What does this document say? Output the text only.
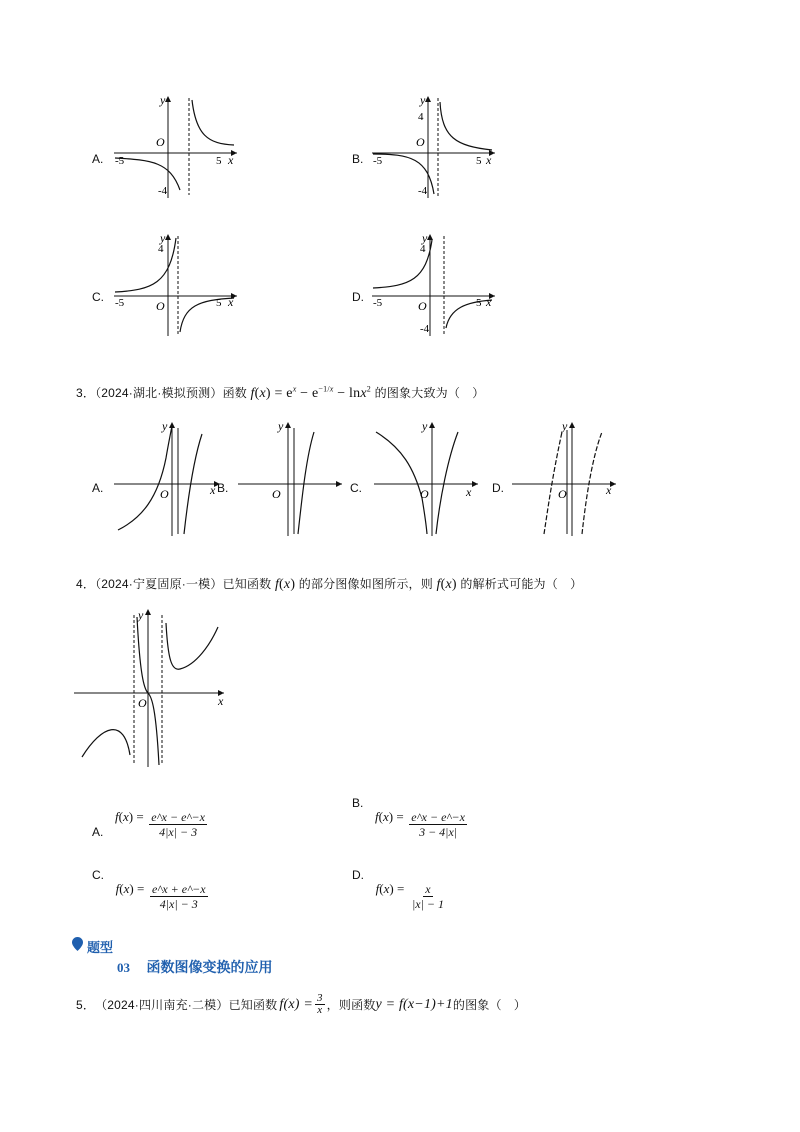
A.
y
x
O
-5	5
-4
B.
y
x
O
-5	5
4
-4
C.
y
x
O
-5	5
4
D.
y
x
O
-5	5
4
-4
3．（2024·湖北·模拟预测）函数 $f(x) = e^x - e^{-1/x} - \ln x^2$ 的图象大致为（　）
A.
y
x
O	B.
y
O	C.
y
x
O	D.
y
x
O
4．（2024·宁夏固原·一模）已知函数 f(x) 的部分图像如图所示，则 f(x) 的解析式可能为（　）
y
x
O
A. $f(x) = \frac{e\^{}x - e\^{}-x}{4|x| - 3}$
B. $f(x) = \frac{e\^{}x - e\^{}-x}{3 - 4|x|}$
C. $f(x) = \frac{e\^{}x + e\^{}-x}{4|x| - 3}$
D. $f(x) = \frac{x}{|x| - 1}$
题型
03 函数图像变换的应用
5． （2024·四川南充·二模） 已知函数 $f(x) = \frac{3}{x}$ ，则函数 y = f(x−1)+1 的图象（　）
